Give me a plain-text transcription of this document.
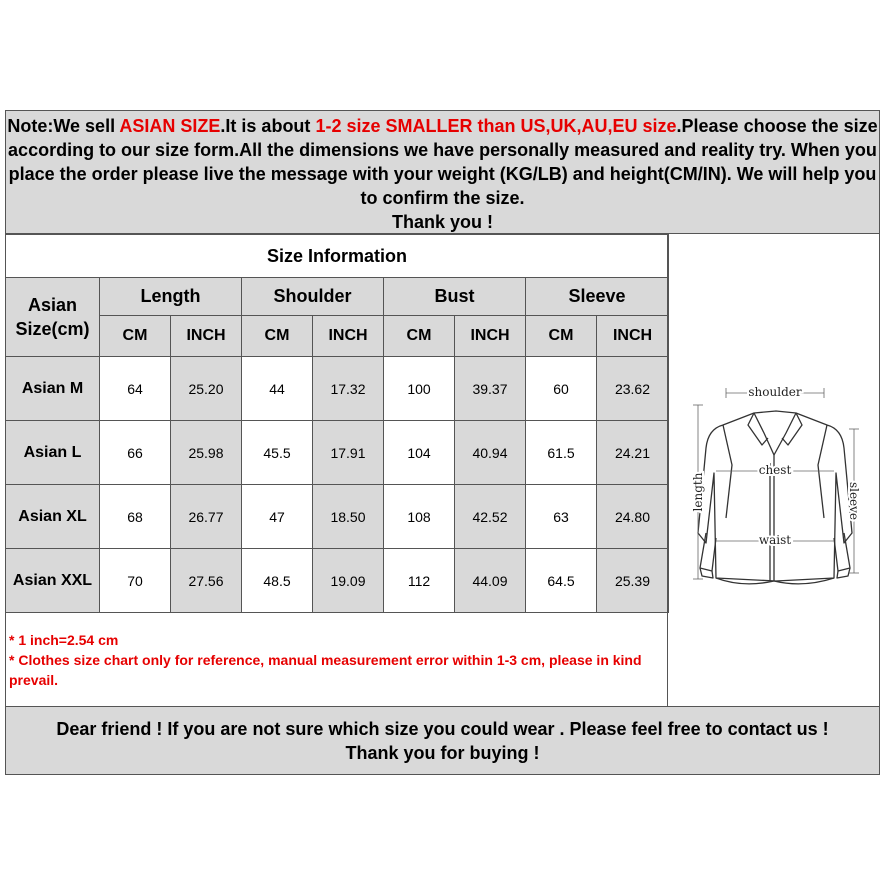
Note:We sell ASIAN SIZE.It is about 1-2 size SMALLER than US,UK,AU,EU size.Please choose the size according to our size form.All the dimensions we have personally measured and reality try. When you place the order please live the message with your weight (KG/LB) and height(CM/IN). We will help you to confirm the size.
Thank you !
Size Information								
Asian Size(cm)	Length		Shoulder		Bust		Sleeve	
	CM	INCH	CM	INCH	CM	INCH	CM	INCH
Asian M	64	25.20	44	17.32	100	39.37	60	23.62
Asian L	66	25.98	45.5	17.91	104	40.94	61.5	24.21
Asian XL	68	26.77	47	18.50	108	42.52	63	24.80
Asian XXL	70	27.56	48.5	19.09	112	44.09	64.5	25.39
* 1 inch=2.54 cm
* Clothes size chart only for reference, manual measurement error within 1-3 cm, please in kind prevail.
shoulder
chest
waist
length	sleeve
Dear friend ! If you are not sure which size you could wear . Please feel free to contact us !
Thank you for buying !
